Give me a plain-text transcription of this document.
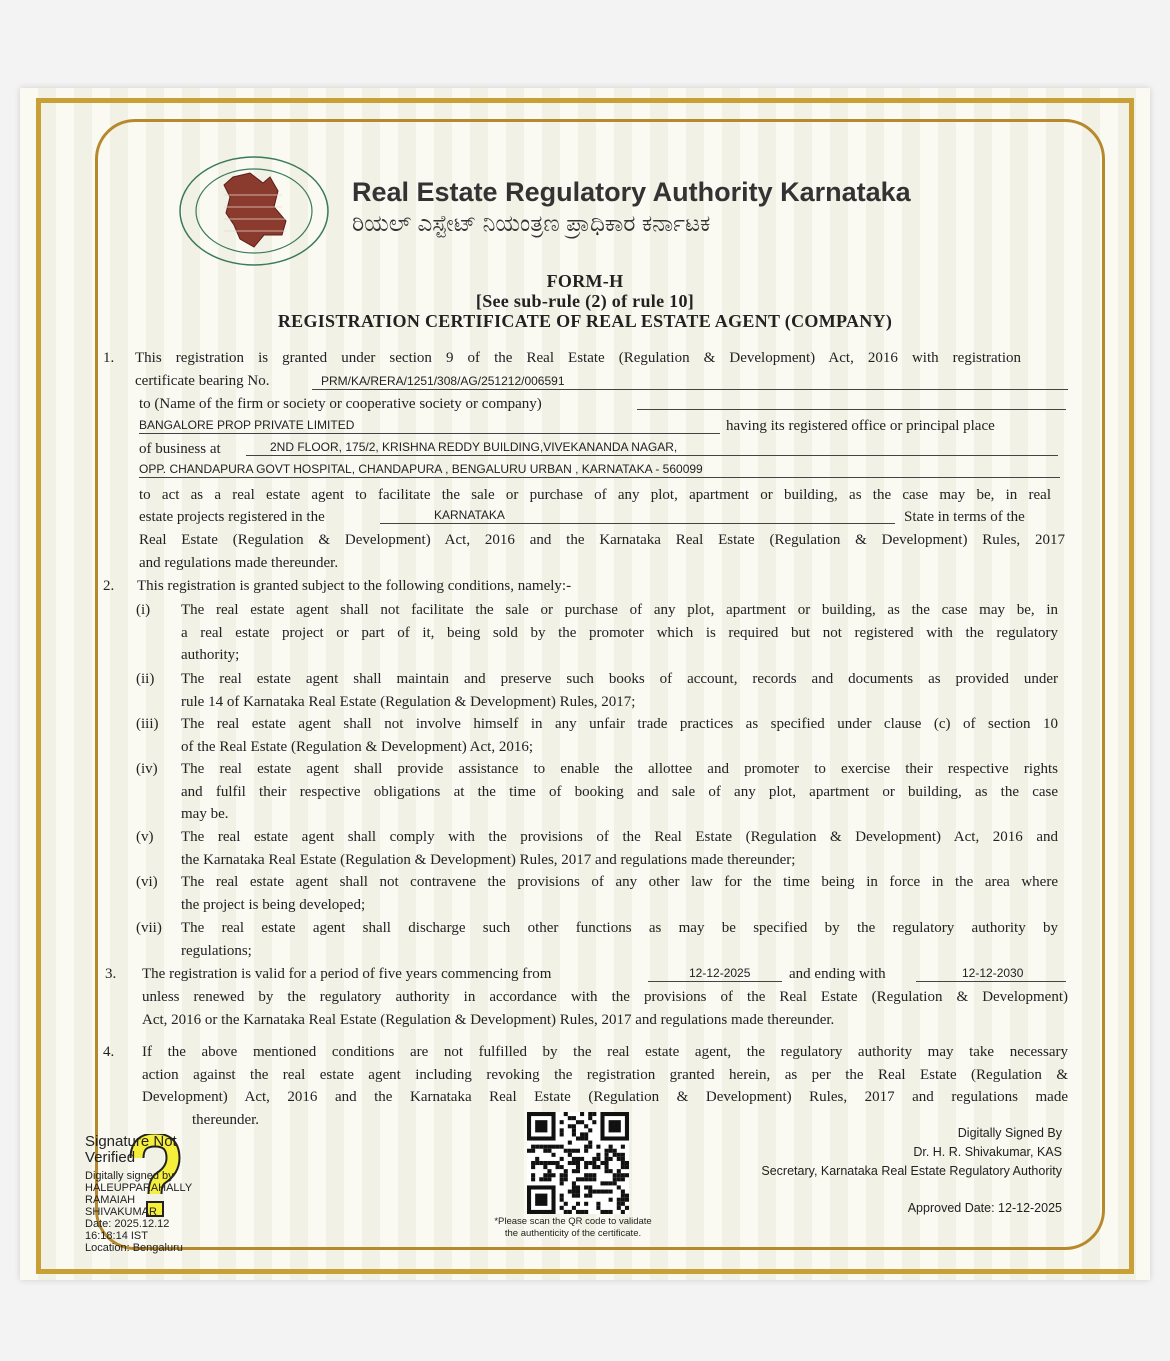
Real Estate Regulatory Authority Karnataka
ರಿಯಲ್ ಎಸ್ಟೇಟ್ ನಿಯಂತ್ರಣ ಪ್ರಾಧಿಕಾರ ಕರ್ನಾಟಕ
FORM-H
[See sub-rule (2) of rule 10]
REGISTRATION CERTIFICATE OF REAL ESTATE AGENT (COMPANY)
1. This registration is granted under section 9 of the Real Estate (Regulation & Development) Act, 2016 with registration
certificate bearing No.	PRM/KA/RERA/1251/308/AG/251212/006591
to (Name of the firm or society or cooperative society or company)
BANGALORE PROP PRIVATE LIMITED	having its registered office or principal place
of business at	2ND FLOOR, 175/2, KRISHNA REDDY BUILDING,VIVEKANANDA NAGAR,
OPP. CHANDAPURA GOVT HOSPITAL, CHANDAPURA , BENGALURU URBAN , KARNATAKA - 560099
to act as a real estate agent to facilitate the sale or purchase of any plot, apartment or building, as the case may be, in real
estate projects registered in the	KARNATAKA	State in terms of the
Real Estate (Regulation & Development) Act, 2016 and the Karnataka Real Estate (Regulation & Development) Rules, 2017
and regulations made thereunder.
2. This registration is granted subject to the following conditions, namely:-
3. The registration is valid for a period of five years commencing from	12-12-2025	and ending with	12-12-2030
4.
Signature Not Verified
Digitally signed by
HALEUPPARAHALLY
RAMAIAH
SHIVAKUMAR
Date: 2025.12.12
16:18:14 IST
Location: Bengaluru
*Please scan the QR code to validate
the authenticity of the certificate.
Digitally Signed By
Dr. H. R. Shivakumar, KAS
Secretary, Karnataka Real Estate Regulatory Authority
Approved Date: 12-12-2025
(i) The real estate agent shall not facilitate the sale or purchase of any plot, apartment or building, as the case may be, in
a real estate project or part of it, being sold by the promoter which is required but not registered with the regulatory
authority;
(ii) The real estate agent shall maintain and preserve such books of account, records and documents as provided under
rule 14 of Karnataka Real Estate (Regulation & Development) Rules, 2017;
(iii) The real estate agent shall not involve himself in any unfair trade practices as specified under clause (c) of section 10
of the Real Estate (Regulation & Development) Act, 2016;
(iv) The real estate agent shall provide assistance to enable the allottee and promoter to exercise their respective rights
and fulfil their respective obligations at the time of booking and sale of any plot, apartment or building, as the case
may be.
(v) The real estate agent shall comply with the provisions of the Real Estate (Regulation & Development) Act, 2016 and
the Karnataka Real Estate (Regulation & Development) Rules, 2017 and regulations made thereunder;
(vi) The real estate agent shall not contravene the provisions of any other law for the time being in force in the area where
the project is being developed;
(vii) The real estate agent shall discharge such other functions as may be specified by the regulatory authority by
regulations;
unless renewed by the regulatory authority in accordance with the provisions of the Real Estate (Regulation & Development)
Act, 2016 or the Karnataka Real Estate (Regulation & Development) Rules, 2017 and regulations made thereunder.
If the above mentioned conditions are not fulfilled by the real estate agent, the regulatory authority may take necessary
action against the real estate agent including revoking the registration granted herein, as per the Real Estate (Regulation &
Development) Act, 2016 and the Karnataka Real Estate (Regulation & Development) Rules, 2017 and regulations made
thereunder.
